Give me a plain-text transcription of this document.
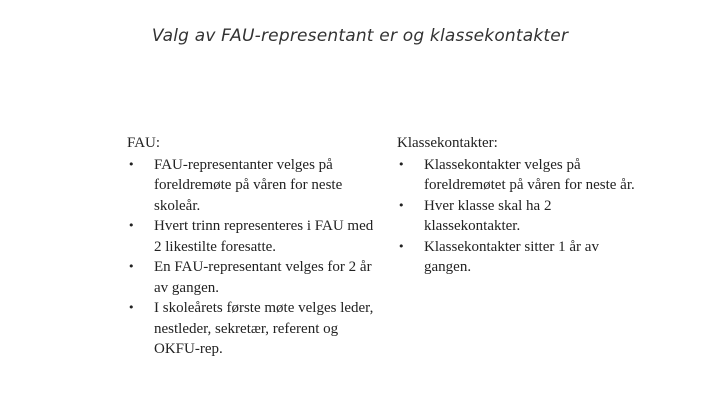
Valg av FAU-representant er og klassekontakter
FAU:
• FAU-representanter velges på foreldremøte på våren for neste skoleår.
• Hvert trinn representeres i FAU med 2 likestilte foresatte.
• En FAU-representant velges for 2 år av gangen.
• I skoleårets første møte velges leder, nestleder, sekretær, referent og OKFU-rep.
Klassekontakter:
• Klassekontakter velges på foreldremøtet på våren for neste år.
• Hver klasse skal ha 2 klassekontakter.
• Klassekontakter sitter 1 år av gangen.
